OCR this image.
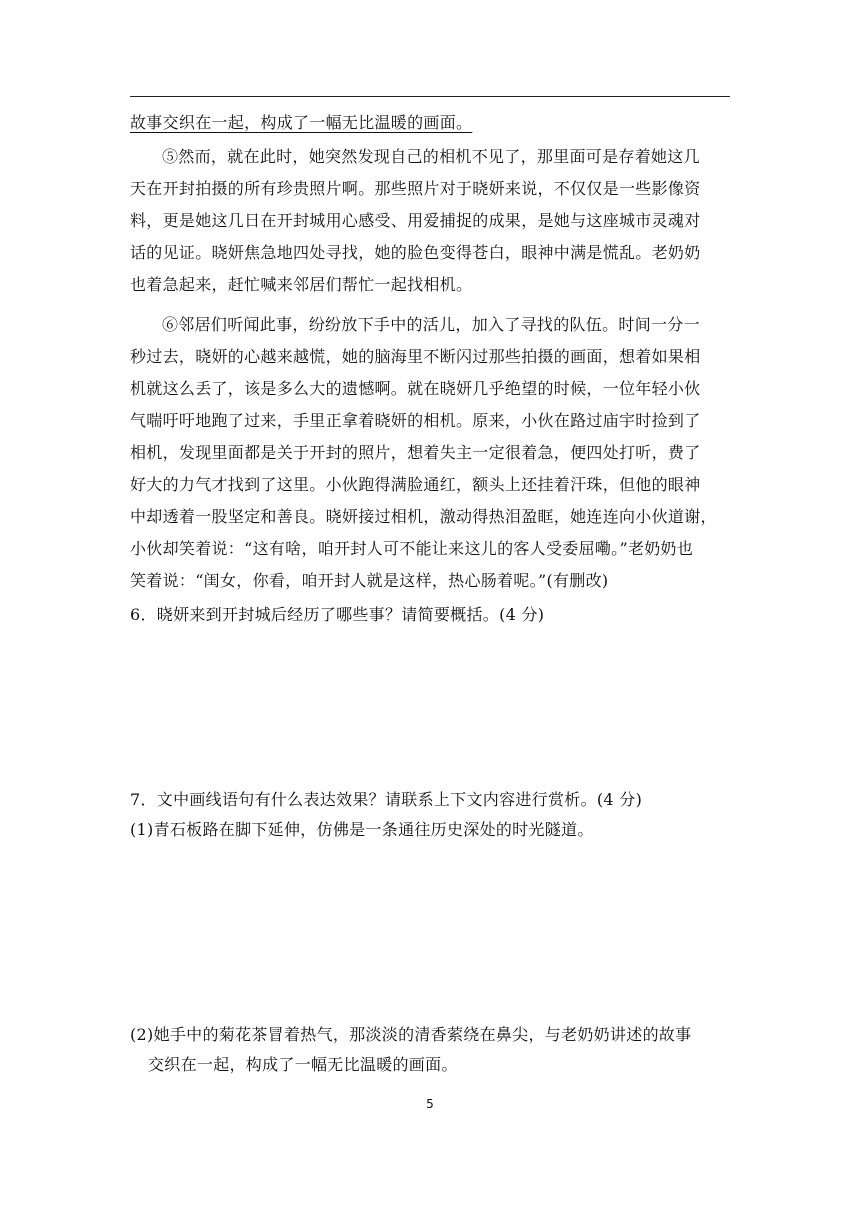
故事交织在一起，构成了一幅无比温暖的画面。
⑤然而，就在此时，她突然发现自己的相机不见了，那里面可是存着她这几
天在开封拍摄的所有珍贵照片啊。那些照片对于晓妍来说，不仅仅是一些影像资
料，更是她这几日在开封城用心感受、用爱捕捉的成果，是她与这座城市灵魂对
话的见证。晓妍焦急地四处寻找，她的脸色变得苍白，眼神中满是慌乱。老奶奶
也着急起来，赶忙喊来邻居们帮忙一起找相机。
⑥邻居们听闻此事，纷纷放下手中的活儿，加入了寻找的队伍。时间一分一
秒过去，晓妍的心越来越慌，她的脑海里不断闪过那些拍摄的画面，想着如果相
机就这么丢了，该是多么大的遗憾啊。就在晓妍几乎绝望的时候，一位年轻小伙
气喘吁吁地跑了过来，手里正拿着晓妍的相机。原来，小伙在路过庙宇时捡到了
相机，发现里面都是关于开封的照片，想着失主一定很着急，便四处打听，费了
好大的力气才找到了这里。小伙跑得满脸通红，额头上还挂着汗珠，但他的眼神
中却透着一股坚定和善良。晓妍接过相机，激动得热泪盈眶，她连连向小伙道谢，
小伙却笑着说：“这有啥，咱开封人可不能让来这儿的客人受委屈嘞。”老奶奶也
笑着说：“闺女，你看，咱开封人就是这样，热心肠着呢。”(有删改)
6．晓妍来到开封城后经历了哪些事？请简要概括。(4 分)
7．文中画线语句有什么表达效果？请联系上下文内容进行赏析。(4 分)
(1)青石板路在脚下延伸，仿佛是一条通往历史深处的时光隧道。
(2)她手中的菊花茶冒着热气，那淡淡的清香萦绕在鼻尖，与老奶奶讲述的故事
交织在一起，构成了一幅无比温暖的画面。
5
